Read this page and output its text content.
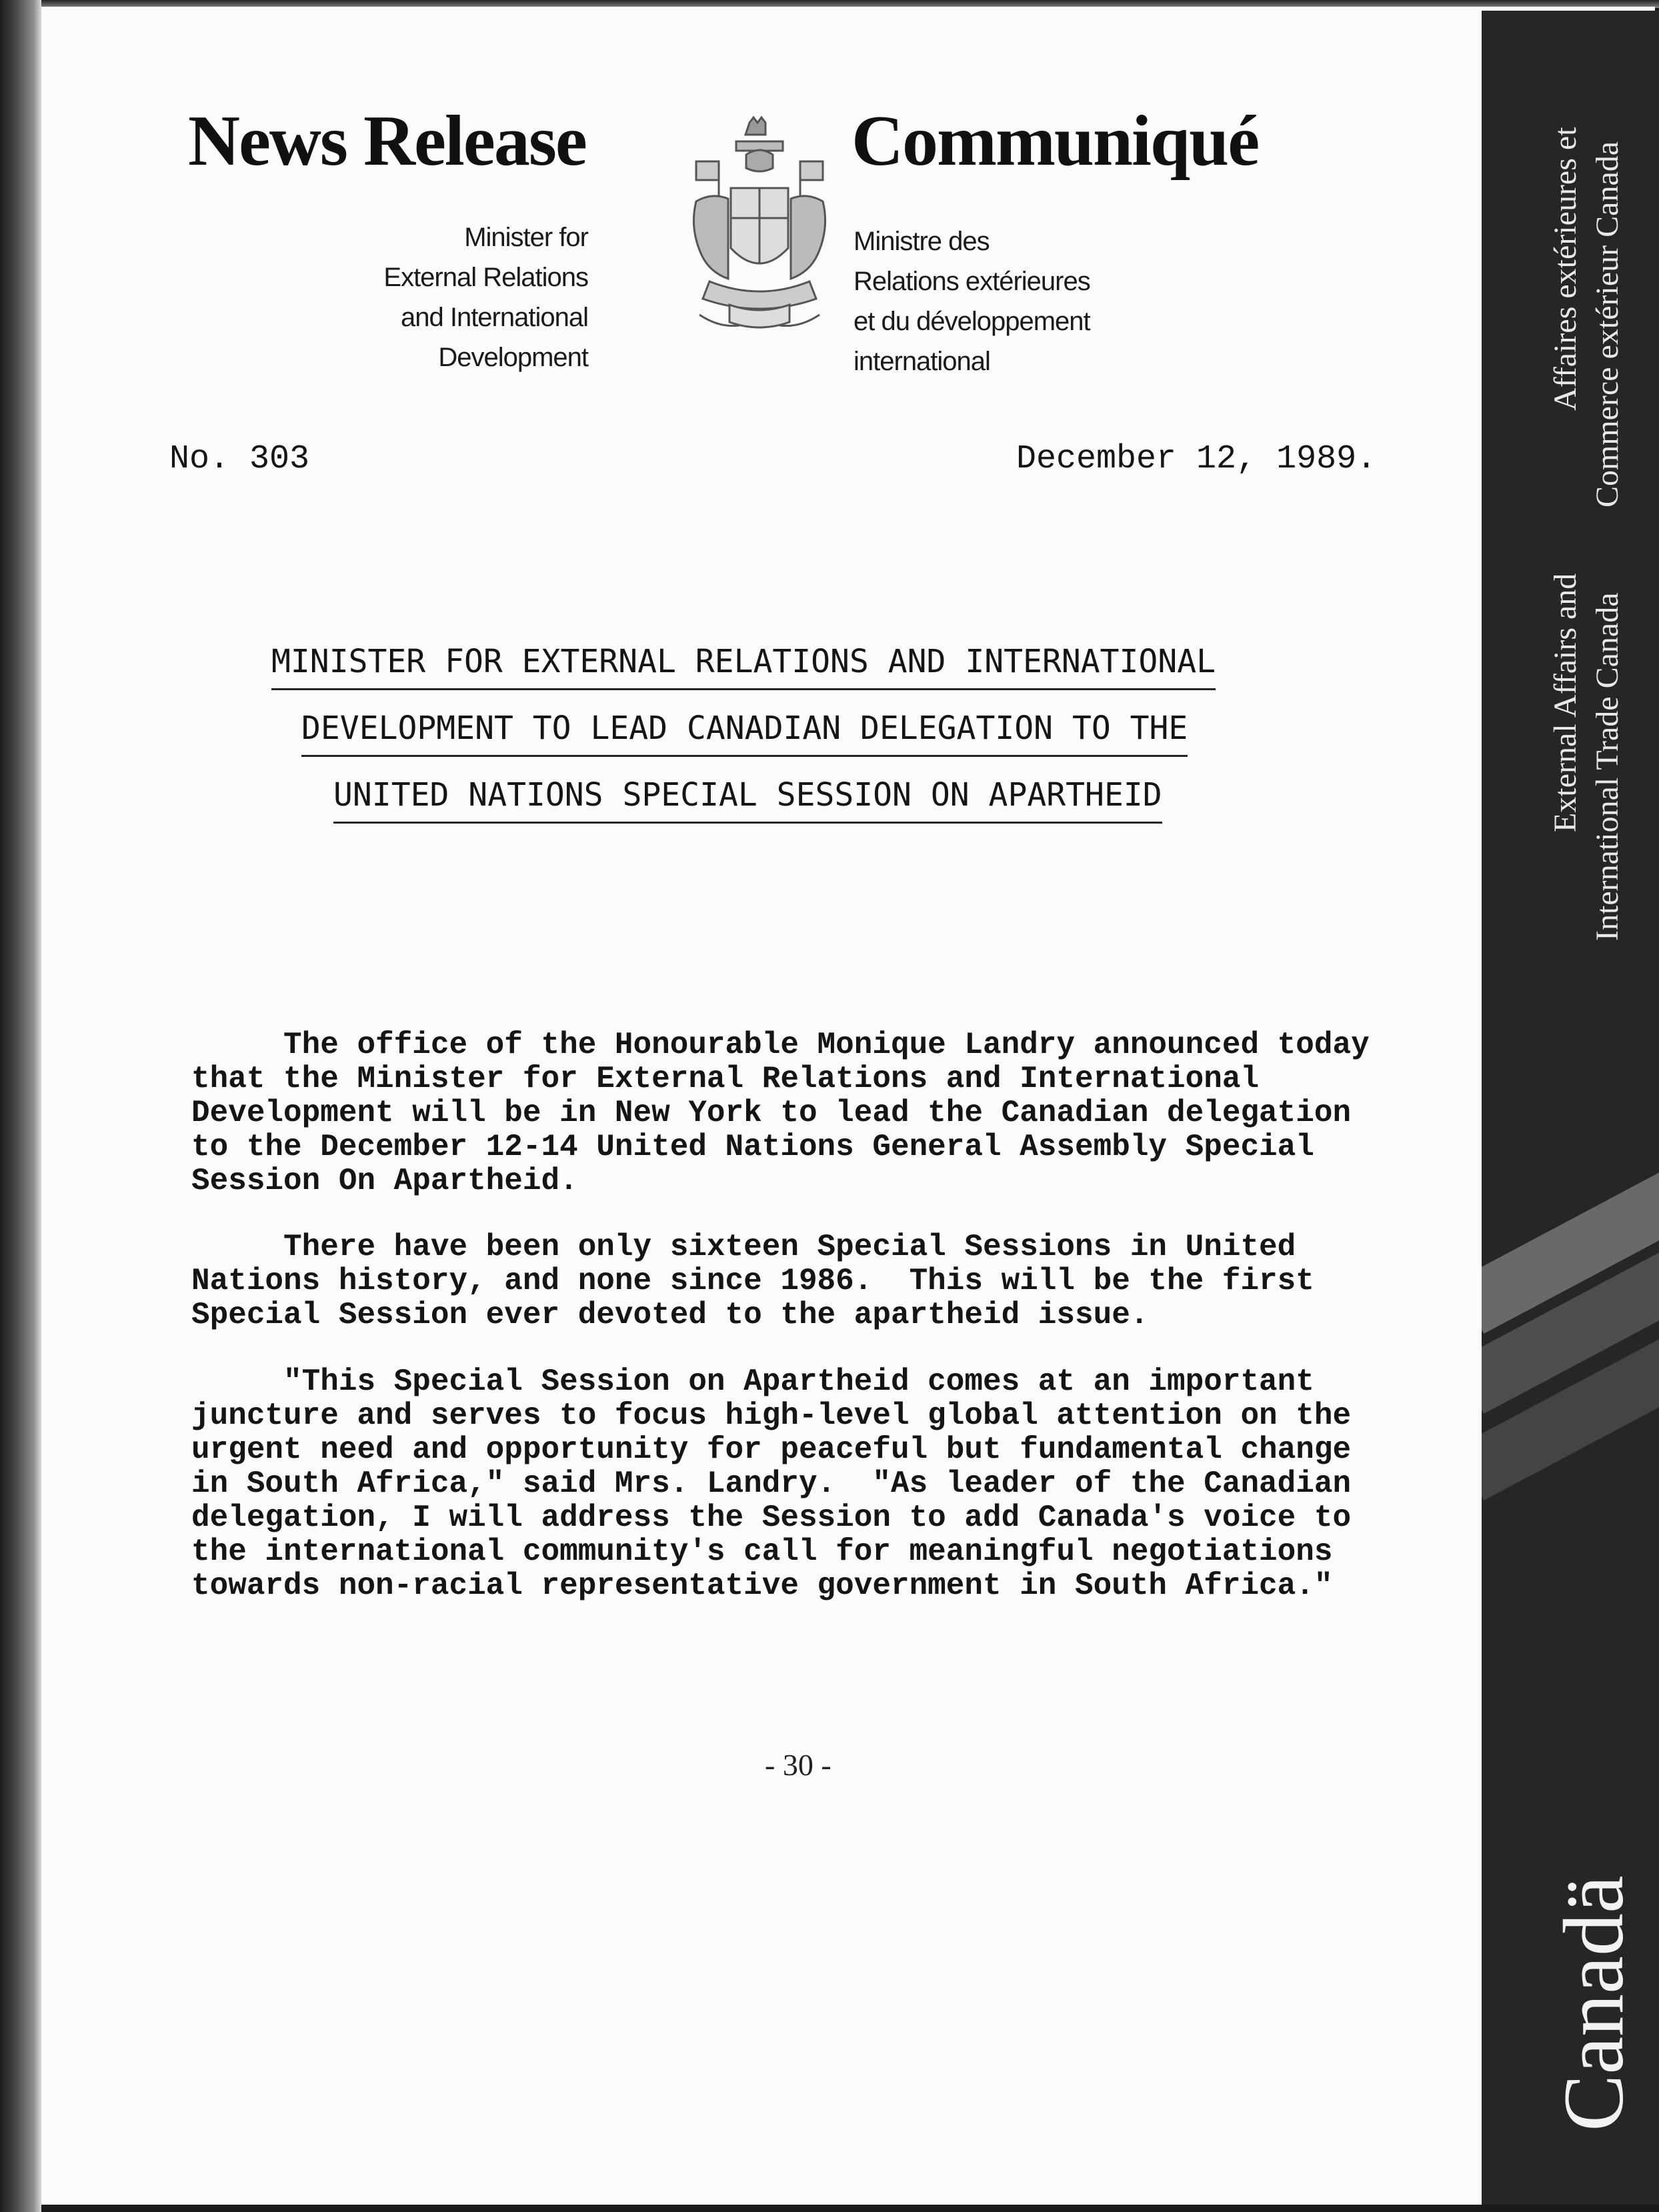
News Release	Communiqué
Minister for
External Relations
and International
Development
Ministre des
Relations extérieures
et du développement
international
No. 303	December 12, 1989.
MINISTER FOR EXTERNAL RELATIONS AND INTERNATIONAL
DEVELOPMENT TO LEAD CANADIAN DELEGATION TO THE
UNITED NATIONS SPECIAL SESSION ON APARTHEID
The office of the Honourable Monique Landry announced today
that the Minister for External Relations and International
Development will be in New York to lead the Canadian delegation
to the December 12-14 United Nations General Assembly Special
Session On Apartheid.
There have been only sixteen Special Sessions in United
Nations history, and none since 1986.  This will be the first
Special Session ever devoted to the apartheid issue.
"This Special Session on Apartheid comes at an important
juncture and serves to focus high-level global attention on the
urgent need and opportunity for peaceful but fundamental change
in South Africa," said Mrs. Landry.  "As leader of the Canadian
delegation, I will address the Session to add Canada's voice to
the international community's call for meaningful negotiations
towards non-racial representative government in South Africa."
- 30 -
Affaires extérieures et Commerce extérieur Canada
External Affairs and International Trade Canada
Canadä
